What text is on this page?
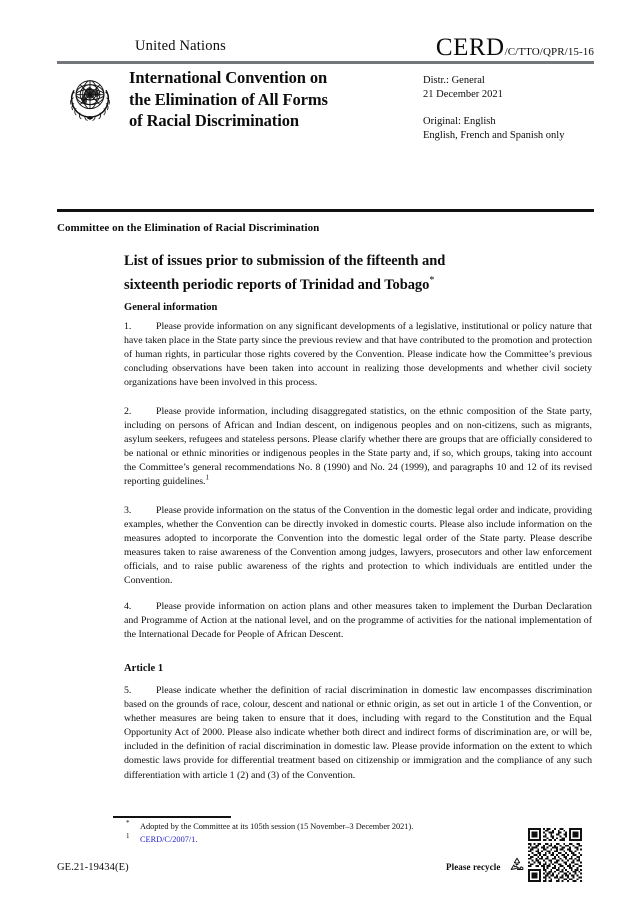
United Nations	CERD/C/TTO/QPR/15-16
International Convention on
the Elimination of All Forms
of Racial Discrimination
Distr.: General
21 December 2021
Original: English
English, French and Spanish only
Committee on the Elimination of Racial Discrimination
List of issues prior to submission of the fifteenth and
sixteenth periodic reports of Trinidad and Tobago*
General information
1. Please provide information on any significant developments of a legislative, institutional or policy nature that have taken place in the State party since the previous review and that have contributed to the promotion and protection of human rights, in particular those rights covered by the Convention. Please indicate how the Committee’s previous concluding observations have been taken into account in realizing those developments and whether civil society organizations have been involved in this process.
2. Please provide information, including disaggregated statistics, on the ethnic composition of the State party, including on persons of African and Indian descent, on indigenous peoples and on non-citizens, such as migrants, asylum seekers, refugees and stateless persons. Please clarify whether there are groups that are officially considered to be national or ethnic minorities or indigenous peoples in the State party and, if so, which groups, taking into account the Committee’s general recommendations No. 8 (1990) and No. 24 (1999), and paragraphs 10 and 12 of its revised reporting guidelines.$^1$
3. Please provide information on the status of the Convention in the domestic legal order and indicate, providing examples, whether the Convention can be directly invoked in domestic courts. Please also include information on the measures adopted to incorporate the Convention into the domestic legal order of the State party. Please describe measures taken to raise awareness of the Convention among judges, lawyers, prosecutors and other law enforcement officials, and to raise public awareness of the rights and protection to which individuals are entitled under the Convention.
4. Please provide information on action plans and other measures taken to implement the Durban Declaration and Programme of Action at the national level, and on the programme of activities for the national implementation of the International Decade for People of African Descent.
Article 1
5. Please indicate whether the definition of racial discrimination in domestic law encompasses discrimination based on the grounds of race, colour, descent and national or ethnic origin, as set out in article 1 of the Convention, or whether measures are being taken to ensure that it does, including with regard to the Constitution and the Equal Opportunity Act of 2000. Please also indicate whether both direct and indirect forms of discrimination are, or will be, included in the definition of racial discrimination in domestic law. Please provide information on the extent to which domestic laws provide for differential treatment based on citizenship or immigration and the compliance of any such differentiation with article 1 (2) and (3) of the Convention.
* Adopted by the Committee at its 105th session (15 November–3 December 2021).
1 CERD/C/2007/1.
GE.21-19434(E)	Please recycle
